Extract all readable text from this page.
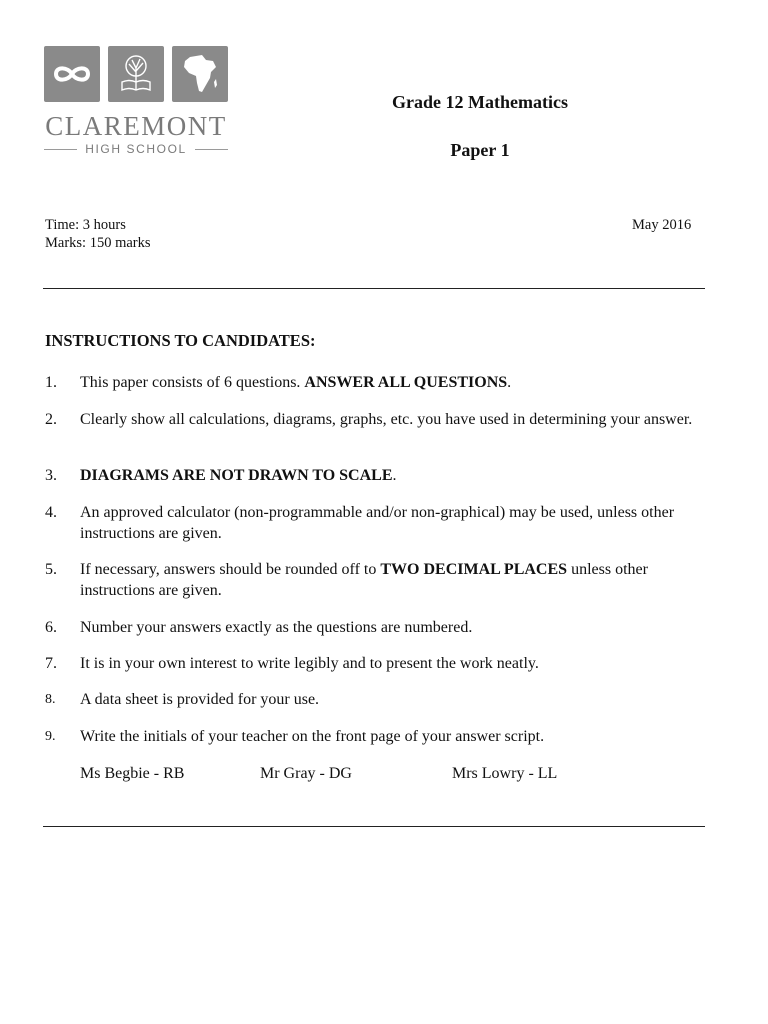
CLAREMONT
HIGH SCHOOL
Grade 12 Mathematics
Paper 1
Time: 3 hours
Marks: 150 marks
May 2016
INSTRUCTIONS TO CANDIDATES:
1.	This paper consists of 6 questions. ANSWER ALL QUESTIONS.
2.	Clearly show all calculations, diagrams, graphs, etc. you have used in determining your answer.
3.	DIAGRAMS ARE NOT DRAWN TO SCALE.
4.	An approved calculator (non-programmable and/or non-graphical) may be used, unless other instructions are given.
5.	If necessary, answers should be rounded off to TWO DECIMAL PLACES unless other instructions are given.
6.	Number your answers exactly as the questions are numbered.
7.	It is in your own interest to write legibly and to present the work neatly.
8.	A data sheet is provided for your use.
9.	Write the initials of your teacher on the front page of your answer script.
Ms Begbie - RB	Mr Gray - DG	Mrs Lowry - LL
